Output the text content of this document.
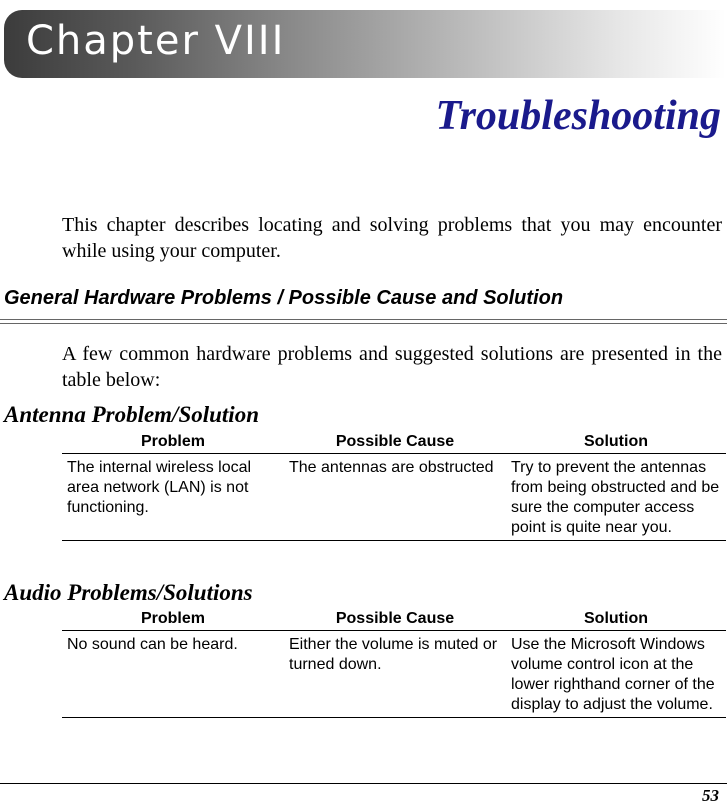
Chapter VIII
Troubleshooting

This chapter describes locating and solving problems that you may encounter while using your computer.

General Hardware Problems / Possible Cause and Solution

A few common hardware problems and suggested solutions are presented in the table below:

Antenna Problem/Solution
Problem	Possible Cause	Solution
The internal wireless local area network (LAN) is not functioning.	The antennas are obstructed	Try to prevent the antennas from being obstructed and be sure the computer access point is quite near you.
Audio Problems/Solutions
Problem	Possible Cause	Solution
No sound can be heard.	Either the volume is muted or turned down.	Use the Microsoft Windows volume control icon at the lower righthand corner of the display to adjust the volume.
53
